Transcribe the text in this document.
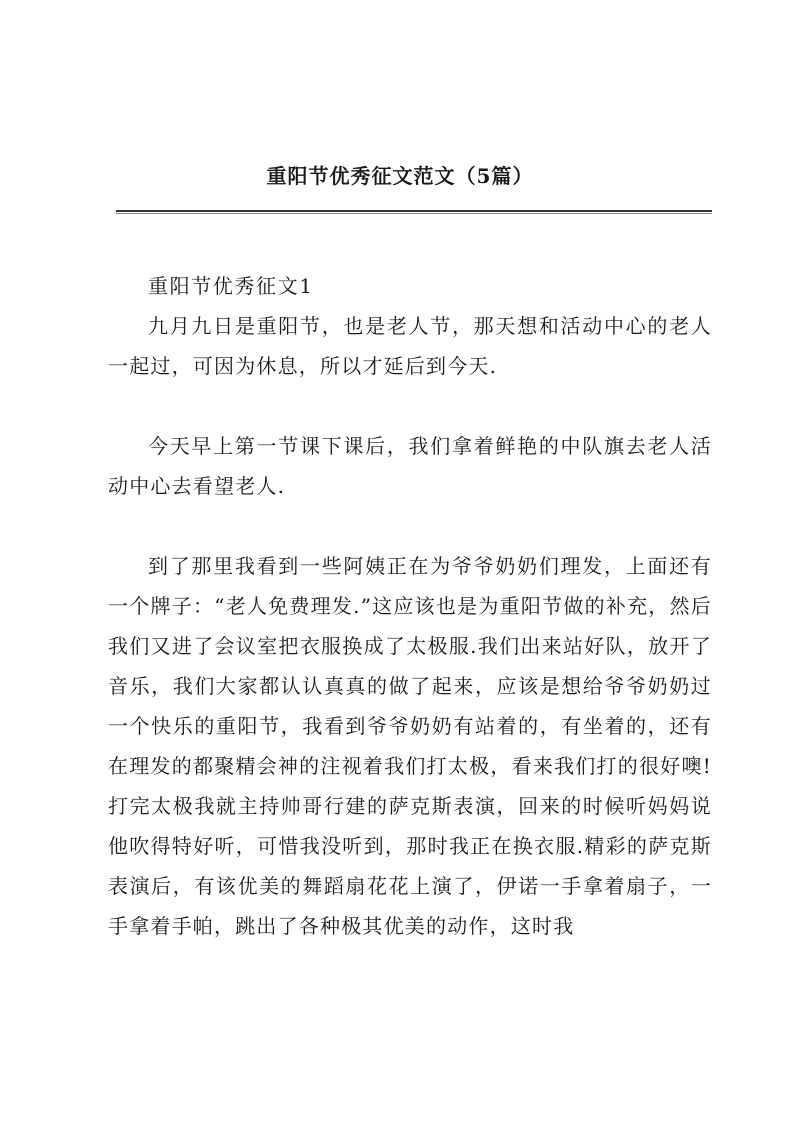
重阳节优秀征文范文（5篇）

重阳节优秀征文1

九月九日是重阳节，也是老人节，那天想和活动中心的老人一起过，可因为休息，所以才延后到今天.

今天早上第一节课下课后，我们拿着鲜艳的中队旗去老人活动中心去看望老人.

到了那里我看到一些阿姨正在为爷爷奶奶们理发，上面还有一个牌子：“老人免费理发.”这应该也是为重阳节做的补充，然后我们又进了会议室把衣服换成了太极服.我们出来站好队，放开了音乐，我们大家都认认真真的做了起来，应该是想给爷爷奶奶过一个快乐的重阳节，我看到爷爷奶奶有站着的，有坐着的，还有在理发的都聚精会神的注视着我们打太极，看来我们打的很好噢!打完太极我就主持帅哥行建的萨克斯表演，回来的时候听妈妈说他吹得特好听，可惜我没听到，那时我正在换衣服.精彩的萨克斯表演后，有该优美的舞蹈扇花花上演了，伊诺一手拿着扇子，一手拿着手帕，跳出了各种极其优美的动作，这时我
